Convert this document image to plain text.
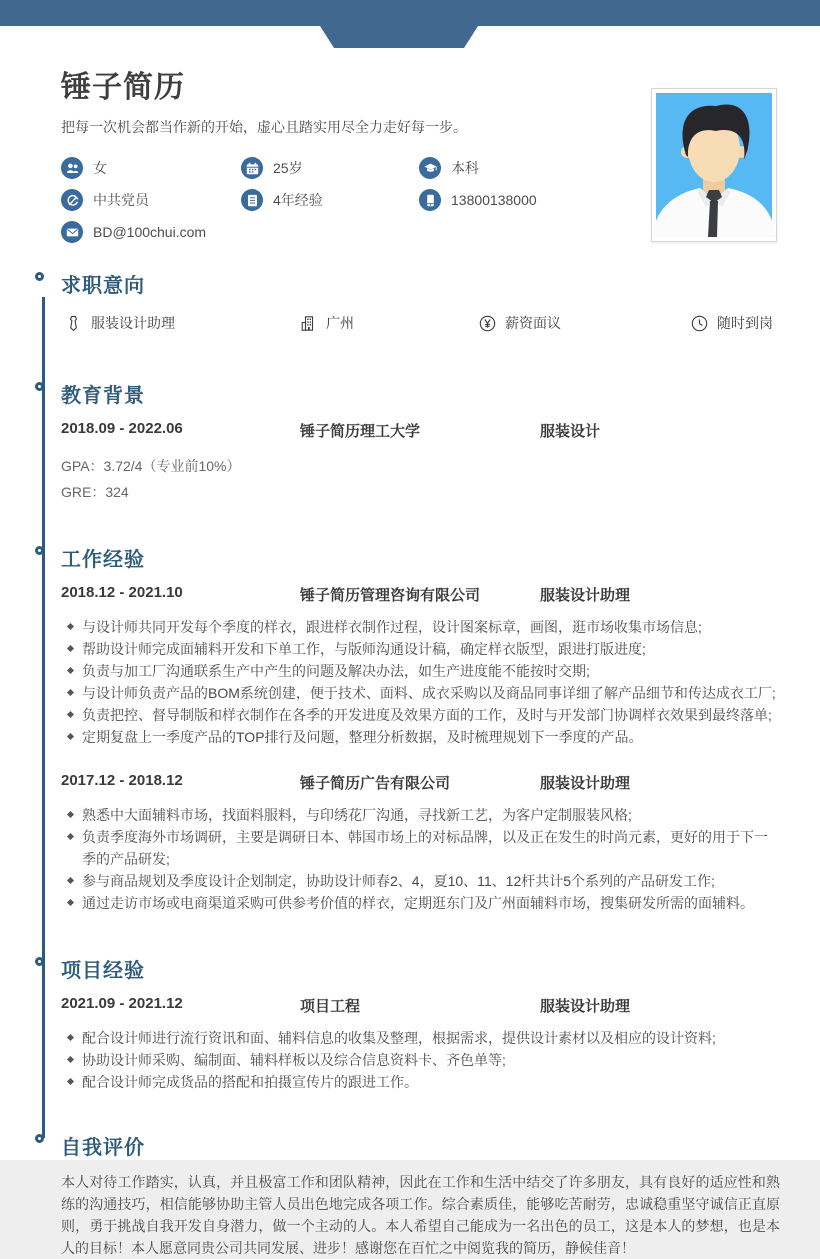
锤子简历

把每一次机会都当作新的开始，虚心且踏实用尽全力走好每一步。

女	25岁	本科
中共党员	4年经验	13800138000
BD@100chui.com
求职意向
服装设计助理	广州	薪资面议	随时到岗
教育背景
2018.09 - 2022.06	锤子简历理工大学	服装设计
GPA：3.72/4（专业前10%）
GRE：324
工作经验
2018.12 - 2021.10	锤子简历管理咨询有限公司	服装设计助理
与设计师共同开发每个季度的样衣，跟进样衣制作过程，设计图案标章，画图，逛市场收集市场信息;
帮助设计师完成面辅料开发和下单工作，与版师沟通设计稿，确定样衣版型，跟进打版进度;
负责与加工厂沟通联系生产中产生的问题及解决办法，如生产进度能不能按时交期;
与设计师负责产品的BOM系统创建，便于技术、面料、成衣采购以及商品同事详细了解产品细节和传达成衣工厂;
负责把控、督导制版和样衣制作在各季的开发进度及效果方面的工作，及时与开发部门协调样衣效果到最终落单;
定期复盘上一季度产品的TOP排行及问题，整理分析数据，及时梳理规划下一季度的产品。
2017.12 - 2018.12	锤子简历广告有限公司	服装设计助理
熟悉中大面辅料市场，找面料服料，与印绣花厂沟通，寻找新工艺，为客户定制服装风格;
负责季度海外市场调研，主要是调研日本、韩国市场上的对标品牌，以及正在发生的时尚元素，更好的用于下一季的产品研发;
参与商品规划及季度设计企划制定，协助设计师春2、4，夏10、11、12杆共计5个系列的产品研发工作;
通过走访市场或电商渠道采购可供参考价值的样衣，定期逛东门及广州面辅料市场，搜集研发所需的面辅料。
项目经验
2021.09 - 2021.12	项目工程	服装设计助理
配合设计师进行流行资讯和面、辅料信息的收集及整理，根据需求，提供设计素材以及相应的设计资料;
协助设计师采购、编制面、辅料样板以及综合信息资料卡、齐色单等;
配合设计师完成货品的搭配和拍摄宣传片的跟进工作。
自我评价

本人对待工作踏实，认真，并且极富工作和团队精神，因此在工作和生活中结交了许多朋友，具有良好的适应性和熟练的沟通技巧，相信能够协助主管人员出色地完成各项工作。综合素质佳，能够吃苦耐劳，忠诚稳重坚守诚信正直原则，勇于挑战自我开发自身潜力，做一个主动的人。本人希望自己能成为一名出色的员工，这是本人的梦想，也是本人的目标！本人愿意同贵公司共同发展、进步！感谢您在百忙之中阅览我的简历，静候佳音！
